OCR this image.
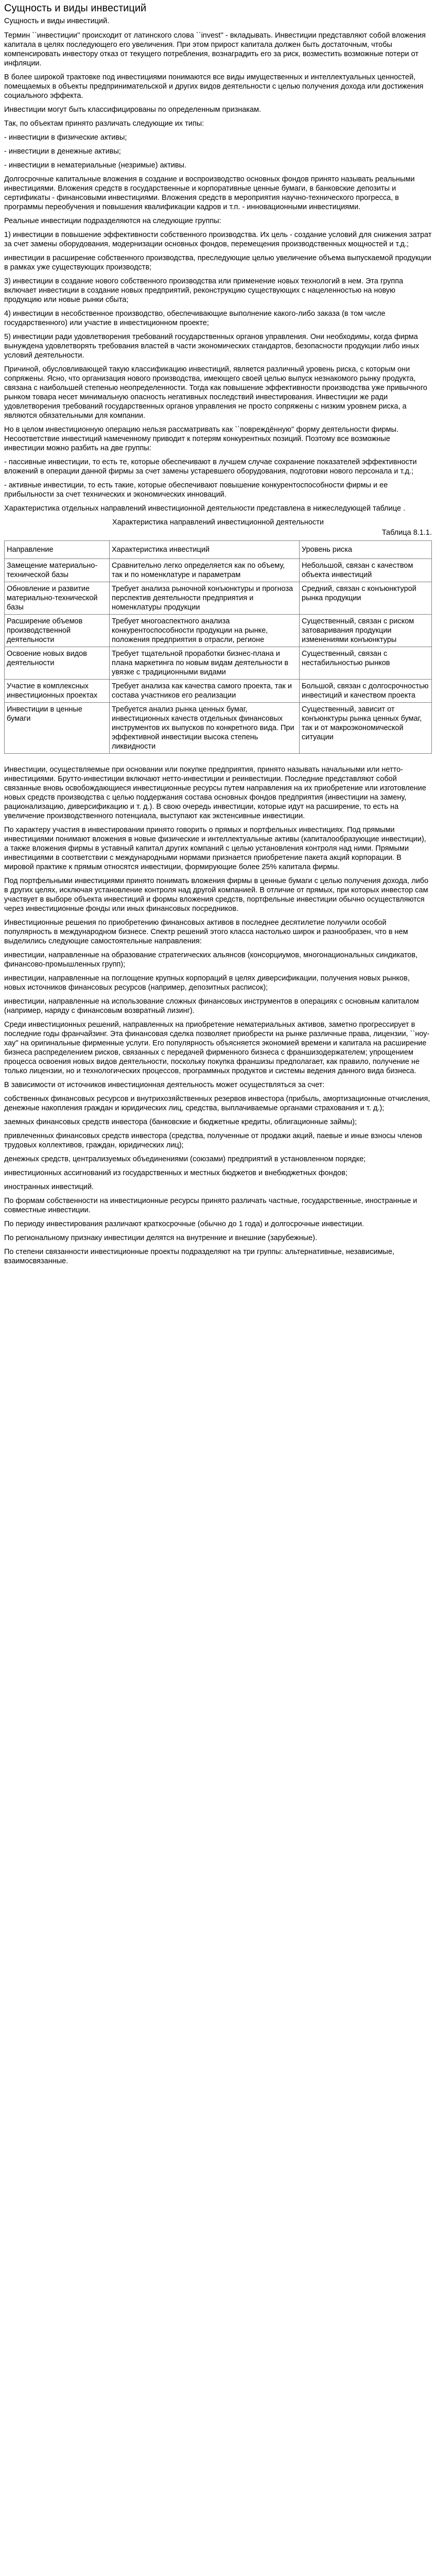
Сущность и виды инвестиций
Сущность и виды инвестиций.

Термин ``инвестиции'' происходит от латинского слова ``invest'' - вкладывать. Инвестиции представляют собой вложения капитала в целях последующего его увеличения. При этом прирост капитала должен быть достаточным, чтобы компенсировать инвестору отказ от текущего потребления, вознаградить его за риск, возместить возможные потери от инфляции.

В более широкой трактовке под инвестициями понимаются все виды имущественных и интеллектуальных ценностей, помещаемых в объекты предпринимательской и других видов деятельности с целью получения дохода или достижения социального эффекта.

Инвестиции могут быть классифицированы по определенным признакам.

Так, по объектам принято различать следующие их типы:

- инвестиции в физические активы;

- инвестиции в денежные активы;

- инвестиции в нематериальные (незримые) активы.

Долгосрочные капитальные вложения в создание и воспроизводство основных фондов принято называть реальными инвестициями. Вложения средств в государственные и корпоративные ценные бумаги, в банковские депозиты и сертификаты - финансовыми инвестициями. Вложения средств в мероприятия научно-технического прогресса, в программы переобучения и повышения квалификации кадров и т.п. - инновационными инвестициями.

Реальные инвестиции подразделяются на следующие группы:

1) инвестиции в повышение эффективности собственного производства. Их цель - создание условий для снижения затрат за счет замены оборудования, модернизации основных фондов, перемещения производственных мощностей и т.д.;

инвестиции в расширение собственного производства, преследующие целью увеличение объема выпускаемой продукции в рамках уже существующих производств;

3) инвестиции в создание нового собственного производства или применение новых технологий в нем. Эта группа включает инвестиции в создание новых предприятий, реконструкцию существующих с нацеленностью на новую продукцию или новые рынки сбыта;

4) инвестиции в несобственное производство, обеспечивающие выполнение какого-либо заказа (в том числе государственного) или участие в инвестиционном проекте;

5) инвестиции ради удовлетворения требований государственных органов управления. Они необходимы, когда фирма вынуждена удовлетворять требования властей в части экономических стандартов, безопасности продукции либо иных условий деятельности.

Причиной, обусловливающей такую классификацию инвестиций, является различный уровень риска, с которым они сопряжены. Ясно, что организация нового производства, имеющего своей целью выпуск незнакомого рынку продукта, связана с наибольшей степенью неопределенности. Тогда как повышение эффективности производства уже привычного рынком товара несет минимальную опасность негативных последствий инвестирования. Инвестиции же ради удовлетворения требований государственных органов управления не просто сопряжены с низким уровнем риска, а являются обязательными для компании.

Но в целом инвестиционную операцию нельзя рассматривать как ``повреждённую'' форму деятельности фирмы. Несоответствие инвестиций намеченному приводит к потерям конкурентных позиций. Поэтому все возможные инвестиции можно разбить на две группы:

- пассивные инвестиции, то есть те, которые обеспечивают в лучшем случае сохранение показателей эффективности вложений в операции данной фирмы за счет замены устаревшего оборудования, подготовки нового персонала и т.д.;

- активные инвестиции, то есть такие, которые обеспечивают повышение конкурентоспособности фирмы и ее прибыльности за счет технических и экономических инноваций.

Характеристика отдельных направлений инвестиционной деятельности представлена в нижеследующей таблице .

Характеристика направлений инвестиционной деятельности
Таблица 8.1.1.
Направление	Характеристика инвестиций	Уровень риска
Замещение материально-технической базы	Сравнительно легко определяется как по объему, так и по номенклатуре и параметрам	Небольшой, связан с качеством объекта инвестиций
Обновление и развитие материально-технической базы	Требует анализа рыночной конъюнктуры и прогноза перспектив деятельности предприятия и номенклатуры продукции	Средний, связан с конъюнктурой рынка продукции
Расширение объемов производственной деятельности	Требует многоаспектного анализа конкурентоспособности продукции на рынке, положения предприятия в отрасли, регионе	Существенный, связан с риском затоваривания продукции изменениями конъюнктуры
Освоение новых видов деятельности	Требует тщательной проработки бизнес-плана и плана маркетинга по новым видам деятельности в увязке с традиционными видами	Существенный, связан с нестабильностью рынков
Участие в комплексных инвестиционных проектах	Требует анализа как качества самого проекта, так и состава участников его реализации	Большой, связан с долгосрочностью инвестиций и качеством проекта
Инвестиции в ценные бумаги	Требуется анализ рынка ценных бумаг, инвестиционных качеств отдельных финансовых инструментов их выпусков по конкретного вида. При эффективной инвестиции высока степень ликвидности	Существенный, зависит от конъюнктуры рынка ценных бумаг, так и от макроэкономической ситуации

Инвестиции, осуществляемые при основании или покупке предприятия, принято называть начальными или нетто-инвестициями. Брутто-инвестиции включают нетто-инвестиции и реинвестиции. Последние представляют собой связанные вновь освобождающиеся инвестиционные ресурсы путем направления на их приобретение или изготовление новых средств производства с целью поддержания состава основных фондов предприятия (инвестиции на замену, рационализацию, диверсификацию и т. д.). В свою очередь инвестиции, которые идут на расширение, то есть на увеличение производственного потенциала, выступают как экстенсивные инвестиции.

По характеру участия в инвестировании принято говорить о прямых и портфельных инвестициях. Под прямыми инвестициями понимают вложения в новые физические и интеллектуальные активы (капиталообразующие инвестиции), а также вложения фирмы в уставный капитал других компаний с целью установления контроля над ними. Прямыми инвестициями в соответствии с международными нормами признается приобретение пакета акций корпорации. В мировой практике к прямым относятся инвестиции, формирующие более 25% капитала фирмы.

Под портфельными инвестициями принято понимать вложения фирмы в ценные бумаги с целью получения дохода, либо в других целях, исключая установление контроля над другой компанией. В отличие от прямых, при которых инвестор сам участвует в выборе объекта инвестиций и формы вложения средств, портфельные инвестиции обычно осуществляются через инвестиционные фонды или иных финансовых посредников.

Инвестиционные решения по приобретению финансовых активов в последнее десятилетие получили особой популярность в международном бизнесе. Спектр решений этого класса настолько широк и разнообразен, что в нем выделились следующие самостоятельные направления:

инвестиции, направленные на образование стратегических альянсов (консорциумов, многонациональных синдикатов, финансово-промышленных групп);

инвестиции, направленные на поглощение крупных корпораций в целях диверсификации, получения новых рынков, новых источников финансовых ресурсов (например, депозитных расписок);

инвестиции, направленные на использование сложных финансовых инструментов в операциях с основным капиталом (например, наряду с финансовым возвратный лизинг).

Среди инвестиционных решений, направленных на приобретение нематериальных активов, заметно прогрессирует в последние годы франчайзинг. Эта финансовая сделка позволяет приобрести на рынке различные права, лицензии, ``ноу-хау'' на оригинальные фирменные услуги. Его популярность объясняется экономией времени и капитала на расширение бизнеса распределением рисков, связанных с передачей фирменного бизнеса с франшизодержателем; упрощением процесса освоения новых видов деятельности, поскольку покупка франшизы предполагает, как правило, получение не только лицензии, но и технологических процессов, программных продуктов и системы ведения данного вида бизнеса.

В зависимости от источников инвестиционная деятельность может осуществляться за счет:

собственных финансовых ресурсов и внутрихозяйственных резервов инвестора (прибыль, амортизационные отчисления, денежные накопления граждан и юридических лиц, средства, выплачиваемые органами страхования и т. д.);

заемных финансовых средств инвестора (банковские и бюджетные кредиты, облигационные займы);

привлеченных финансовых средств инвестора (средства, полученные от продажи акций, паевые и иные взносы членов трудовых коллективов, граждан, юридических лиц);

денежных средств, централизуемых объединениями (союзами) предприятий в установленном порядке;

инвестиционных ассигнований из государственных и местных бюджетов и внебюджетных фондов;

иностранных инвестиций.

По формам собственности на инвестиционные ресурсы принято различать частные, государственные, иностранные и совместные инвестиции.

По периоду инвестирования различают краткосрочные (обычно до 1 года) и долгосрочные инвестиции.

По региональному признаку инвестиции делятся на внутренние и внешние (зарубежные).

По степени связанности инвестиционные проекты подразделяют на три группы: альтернативные, независимые, взаимосвязанные.
